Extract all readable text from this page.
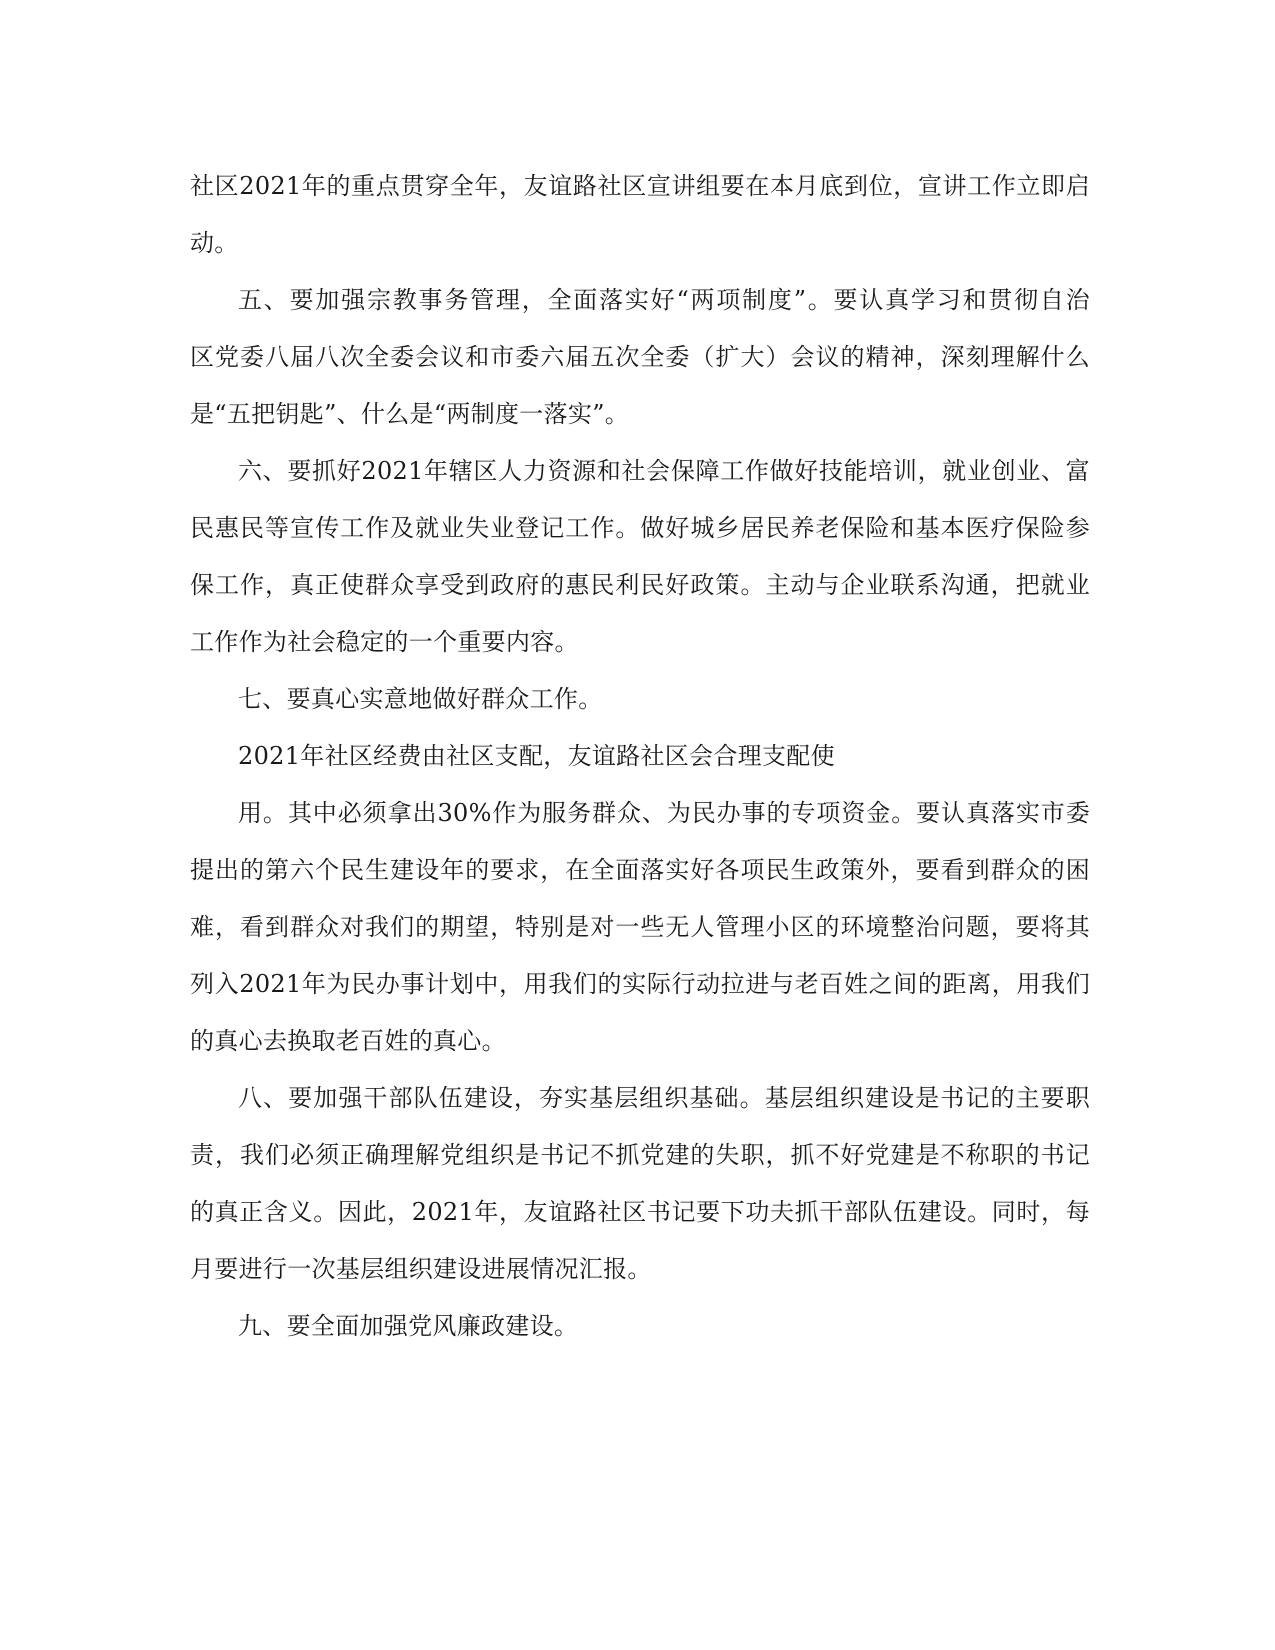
社区2021年的重点贯穿全年，友谊路社区宣讲组要在本月底到位，宣讲工作立即启
动。
五、要加强宗教事务管理，全面落实好“两项制度”。要认真学习和贯彻自治
区党委八届八次全委会议和市委六届五次全委（扩大）会议的精神，深刻理解什么
是“五把钥匙”、什么是“两制度一落实”。
六、要抓好2021年辖区人力资源和社会保障工作做好技能培训，就业创业、富
民惠民等宣传工作及就业失业登记工作。做好城乡居民养老保险和基本医疗保险参
保工作，真正使群众享受到政府的惠民利民好政策。主动与企业联系沟通，把就业
工作作为社会稳定的一个重要内容。
七、要真心实意地做好群众工作。
2021年社区经费由社区支配，友谊路社区会合理支配使
用。其中必须拿出30%作为服务群众、为民办事的专项资金。要认真落实市委
提出的第六个民生建设年的要求，在全面落实好各项民生政策外，要看到群众的困
难，看到群众对我们的期望，特别是对一些无人管理小区的环境整治问题，要将其
列入2021年为民办事计划中，用我们的实际行动拉进与老百姓之间的距离，用我们
的真心去换取老百姓的真心。
八、要加强干部队伍建设，夯实基层组织基础。基层组织建设是书记的主要职
责，我们必须正确理解党组织是书记不抓党建的失职，抓不好党建是不称职的书记
的真正含义。因此，2021年，友谊路社区书记要下功夫抓干部队伍建设。同时，每
月要进行一次基层组织建设进展情况汇报。
九、要全面加强党风廉政建设。
